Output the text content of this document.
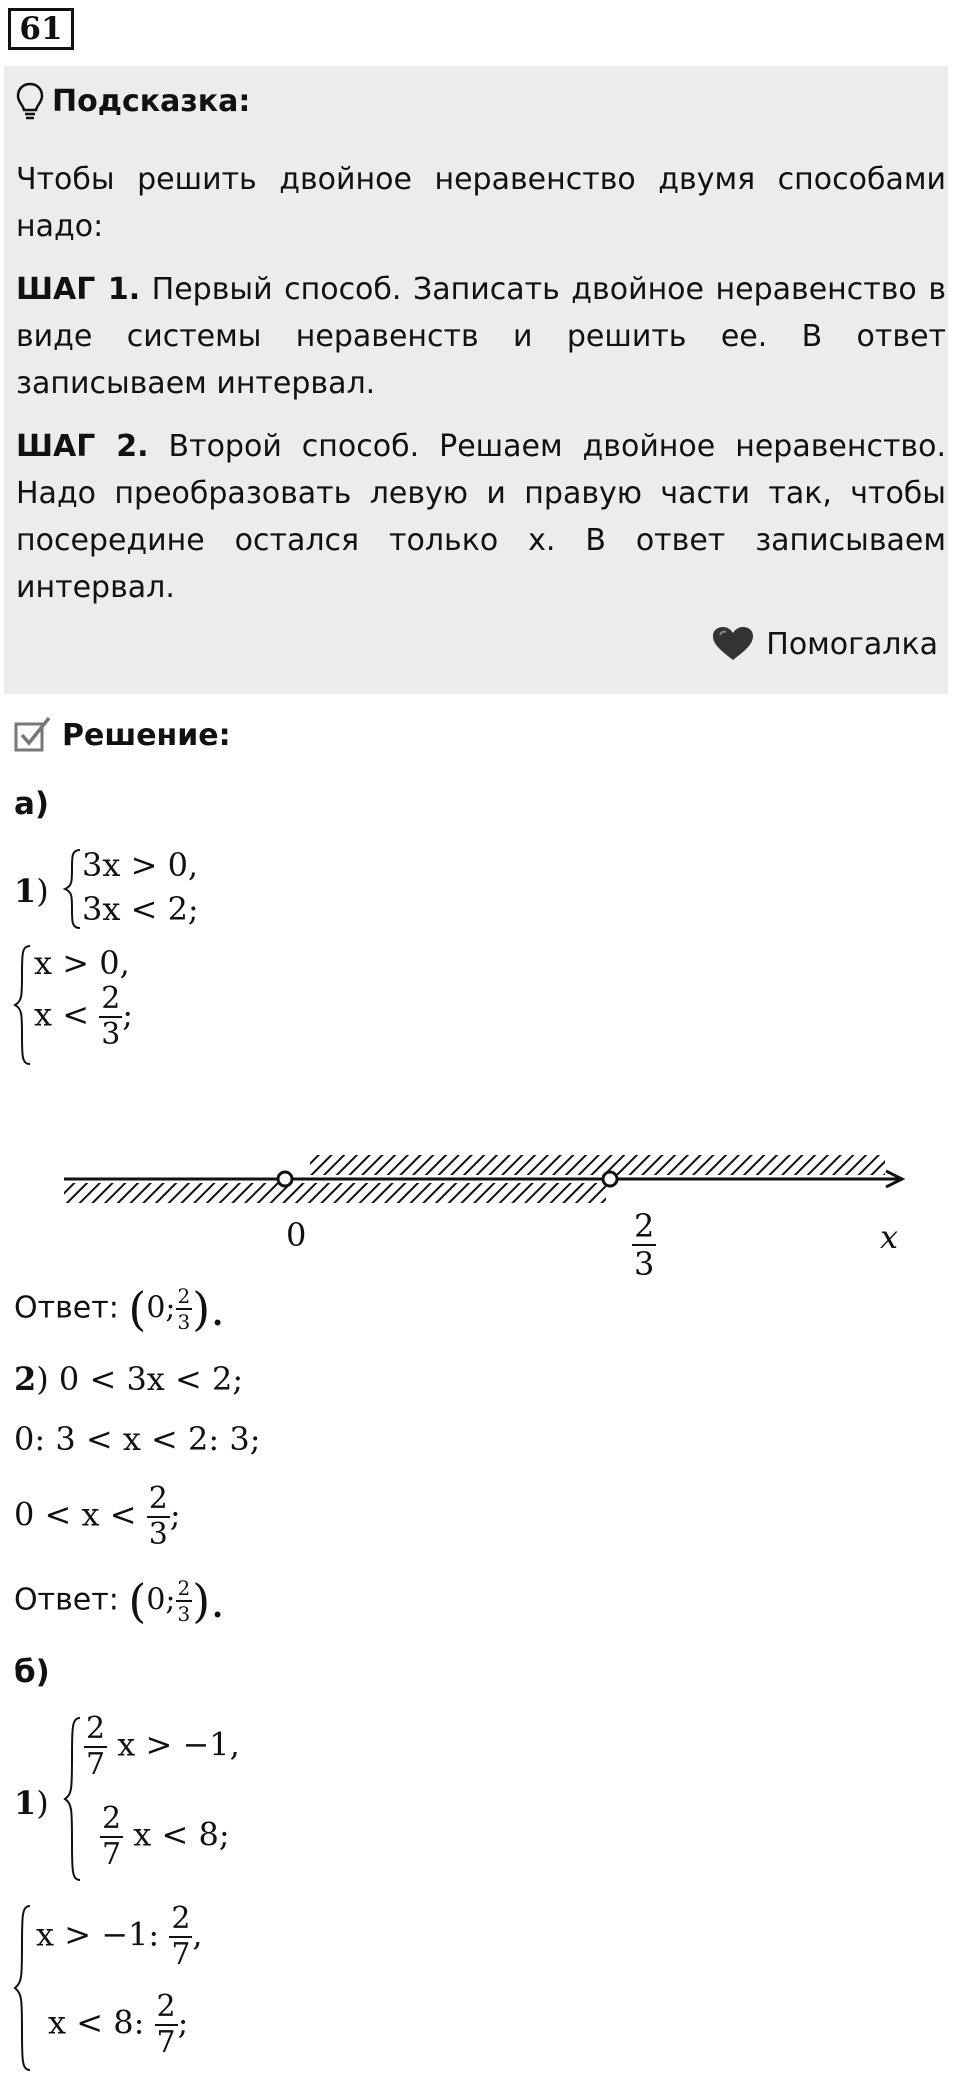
61
Подсказка:

Чтобы решить двойное неравенство двумя способами надо:

ШАГ 1. Первый способ. Записать двойное неравенство в виде системы неравенств и решить ее. В ответ записываем интервал.

ШАГ 2. Второй способ. Решаем двойное неравенство. Надо преобразовать левую и правую части так, чтобы посередине остался только x. В ответ записываем интервал.

Помогалка
Решение:
а)
1)
3x > 0,
3x < 2;
x > 0,
$x < \frac{2}{3}$ ;
0	$\frac{2}{3}$	x
Ответ: (0; $\frac{2}{3}$ ).
2) 0 < 3x < 2;
0: 3 < x < 2: 3;
$0 < x < \frac{2}{3}$ ;
Ответ: (0; $\frac{2}{3}$ ).
б)
1)
$\frac{2}{7}$ x > −1,
$\frac{2}{7}$ x < 8;
x > −1: $\frac{2}{7}$ ,
x < 8: $\frac{2}{7}$ ;
